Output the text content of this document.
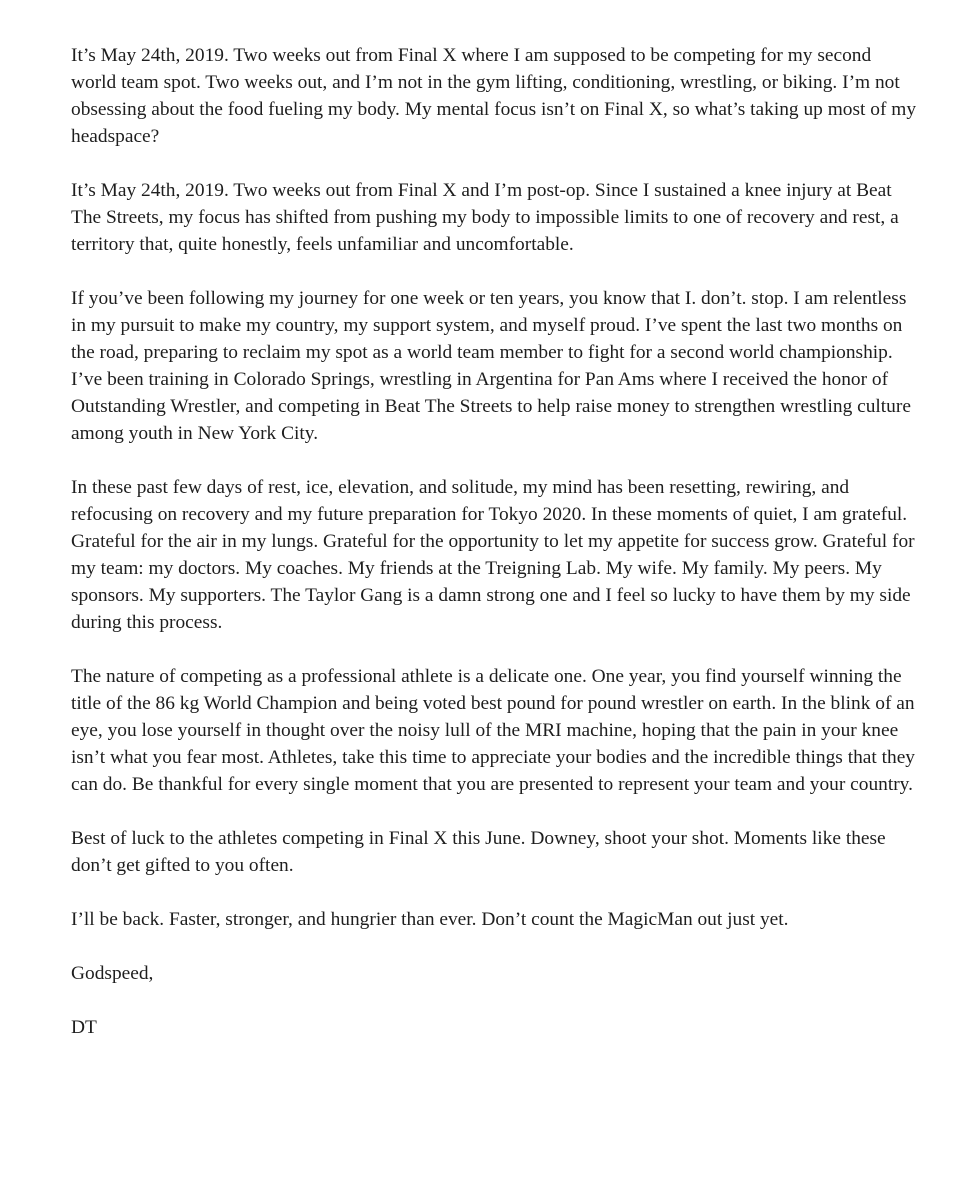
It’s May 24th, 2019. Two weeks out from Final X where I am supposed to be competing for my second world team spot. Two weeks out, and I’m not in the gym lifting, conditioning, wrestling, or biking. I’m not obsessing about the food fueling my body. My mental focus isn’t on Final X, so what’s taking up most of my headspace?

It’s May 24th, 2019. Two weeks out from Final X and I’m post-op. Since I sustained a knee injury at Beat The Streets, my focus has shifted from pushing my body to impossible limits to one of recovery and rest, a territory that, quite honestly, feels unfamiliar and uncomfortable.

If you’ve been following my journey for one week or ten years, you know that I. don’t. stop. I am relentless in my pursuit to make my country, my support system, and myself proud. I’ve spent the last two months on the road, preparing to reclaim my spot as a world team member to fight for a second world championship. I’ve been training in Colorado Springs, wrestling in Argentina for Pan Ams where I received the honor of Outstanding Wrestler, and competing in Beat The Streets to help raise money to strengthen wrestling culture among youth in New York City.

In these past few days of rest, ice, elevation, and solitude, my mind has been resetting, rewiring, and refocusing on recovery and my future preparation for Tokyo 2020. In these moments of quiet, I am grateful. Grateful for the air in my lungs. Grateful for the opportunity to let my appetite for success grow. Grateful for my team: my doctors. My coaches. My friends at the Treigning Lab. My wife. My family. My peers. My sponsors. My supporters. The Taylor Gang is a damn strong one and I feel so lucky to have them by my side during this process.

The nature of competing as a professional athlete is a delicate one. One year, you find yourself winning the title of the 86 kg World Champion and being voted best pound for pound wrestler on earth. In the blink of an eye, you lose yourself in thought over the noisy lull of the MRI machine, hoping that the pain in your knee isn’t what you fear most. Athletes, take this time to appreciate your bodies and the incredible things that they can do. Be thankful for every single moment that you are presented to represent your team and your country.

Best of luck to the athletes competing in Final X this June. Downey, shoot your shot. Moments like these don’t get gifted to you often.

I’ll be back. Faster, stronger, and hungrier than ever. Don’t count the MagicMan out just yet.

Godspeed,

DT
